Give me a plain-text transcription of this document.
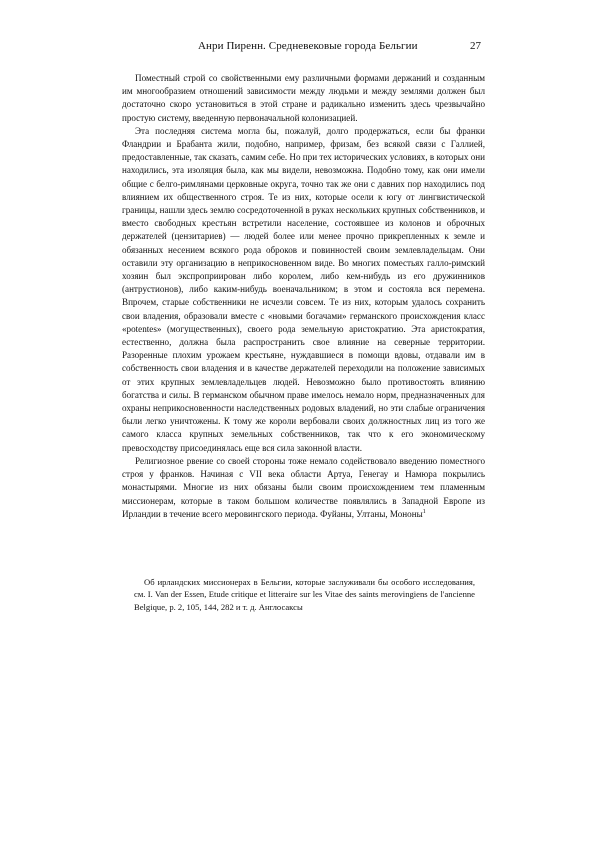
Анри Пиренн. Средневековые города Бельгии	27

Поместный строй со свойственными ему различными формами держаний и созданным им многообразием отношений зависимости между людьми и между землями должен был достаточно скоро установиться в этой стране и радикально изменить здесь чрезвычайно простую систему, введенную первоначальной колонизацией.

Эта последняя система могла бы, пожалуй, долго продержаться, если бы франки Фландрии и Брабанта жили, подобно, например, фризам, без всякой связи с Галлией, предоставленные, так сказать, самим себе. Но при тех исторических условиях, в которых они находились, эта изоляция была, как мы видели, невозможна. Подобно тому, как они имели общие с белго-римлянами церковные округа, точно так же они с давних пор находились под влиянием их общественного строя. Те из них, которые осели к югу от лингвистической границы, нашли здесь землю сосредоточенной в руках нескольких крупных собственников, и вместо свободных крестьян встретили население, состоявшее из колонов и оброчных держателей (цензитариев) — людей более или менее прочно прикрепленных к земле и обязанных несением всякого рода оброков и повинностей своим землевладельцам. Они оставили эту организацию в неприкосновенном виде. Во многих поместьях галло-римский хозяин был экспроприирован либо королем, либо кем-нибудь из его дружинников (антрустионов), либо каким-нибудь военачальником; в этом и состояла вся перемена. Впрочем, старые собственники не исчезли совсем. Те из них, которым удалось сохранить свои владения, образовали вместе с «новыми богачами» германского происхождения класс «potentes» (могущественных), своего рода земельную аристократию. Эта аристократия, естественно, должна была распространить свое влияние на северные территории. Разоренные плохим урожаем крестьяне, нуждавшиеся в помощи вдовы, отдавали им в собственность свои владения и в качестве держателей переходили на положение зависимых от этих крупных землевладельцев людей. Невозможно было противостоять влиянию богатства и силы. В германском обычном праве имелось немало норм, предназначенных для охраны неприкосновенности наследственных родовых владений, но эти слабые ограничения были легко уничтожены. К тому же короли вербовали своих должностных лиц из того же самого класса крупных земельных собственников, так что к его экономическому превосходству присоединялась еще вся сила законной власти.

Религиозное рвение со своей стороны тоже немало содействовало введению поместного строя у франков. Начиная с VII века области Артуа, Генегау и Намюра покрылись монастырями. Многие из них обязаны были своим происхождением тем пламенным миссионерам, которые в таком большом количестве появлялись в Западной Европе из Ирландии в течение всего меровингского периода. Фуйаны, Ултаны, Мононы$^1$

Об ирландских миссионерах в Бельгии, которые заслуживали бы особого исследования, см. I. Van der Essen, Etude critique et litteraire sur les Vitae des saints merovingiens de l'ancienne Belgique, p. 2, 105, 144, 282 и т. д. Англосаксы
